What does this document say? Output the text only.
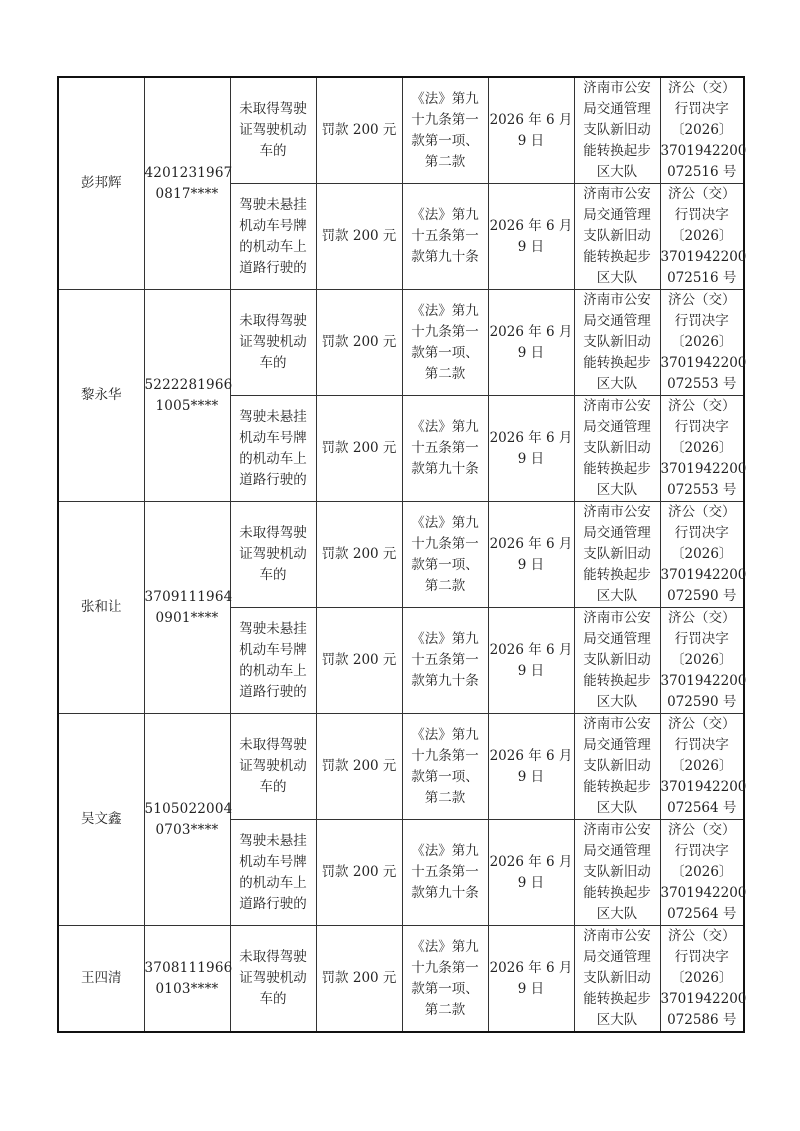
彭邦辉	4201231967
0817****	未取得驾驶
证驾驶机动
车的	罚款 200 元	《法》第九
十九条第一
款第一项、
第二款	2026 年 6 月
9 日	济南市公安
局交通管理
支队新旧动
能转换起步
区大队	济公（交）
行罚决字
〔2026〕
3701942200
072516 号

		驾驶未悬挂
机动车号牌
的机动车上
道路行驶的	罚款 200 元	《法》第九
十五条第一
款第九十条	2026 年 6 月
9 日	济南市公安
局交通管理
支队新旧动
能转换起步
区大队	济公（交）
行罚决字
〔2026〕
3701942200
072516 号

黎永华	5222281966
1005****	未取得驾驶
证驾驶机动
车的	罚款 200 元	《法》第九
十九条第一
款第一项、
第二款	2026 年 6 月
9 日	济南市公安
局交通管理
支队新旧动
能转换起步
区大队	济公（交）
行罚决字
〔2026〕
3701942200
072553 号

		驾驶未悬挂
机动车号牌
的机动车上
道路行驶的	罚款 200 元	《法》第九
十五条第一
款第九十条	2026 年 6 月
9 日	济南市公安
局交通管理
支队新旧动
能转换起步
区大队	济公（交）
行罚决字
〔2026〕
3701942200
072553 号

张和让	3709111964
0901****	未取得驾驶
证驾驶机动
车的	罚款 200 元	《法》第九
十九条第一
款第一项、
第二款	2026 年 6 月
9 日	济南市公安
局交通管理
支队新旧动
能转换起步
区大队	济公（交）
行罚决字
〔2026〕
3701942200
072590 号

		驾驶未悬挂
机动车号牌
的机动车上
道路行驶的	罚款 200 元	《法》第九
十五条第一
款第九十条	2026 年 6 月
9 日	济南市公安
局交通管理
支队新旧动
能转换起步
区大队	济公（交）
行罚决字
〔2026〕
3701942200
072590 号

吴文鑫	5105022004
0703****	未取得驾驶
证驾驶机动
车的	罚款 200 元	《法》第九
十九条第一
款第一项、
第二款	2026 年 6 月
9 日	济南市公安
局交通管理
支队新旧动
能转换起步
区大队	济公（交）
行罚决字
〔2026〕
3701942200
072564 号

		驾驶未悬挂
机动车号牌
的机动车上
道路行驶的	罚款 200 元	《法》第九
十五条第一
款第九十条	2026 年 6 月
9 日	济南市公安
局交通管理
支队新旧动
能转换起步
区大队	济公（交）
行罚决字
〔2026〕
3701942200
072564 号

王四清	3708111966
0103****	未取得驾驶
证驾驶机动
车的	罚款 200 元	《法》第九
十九条第一
款第一项、
第二款	2026 年 6 月
9 日	济南市公安
局交通管理
支队新旧动
能转换起步
区大队	济公（交）
行罚决字
〔2026〕
3701942200
072586 号
